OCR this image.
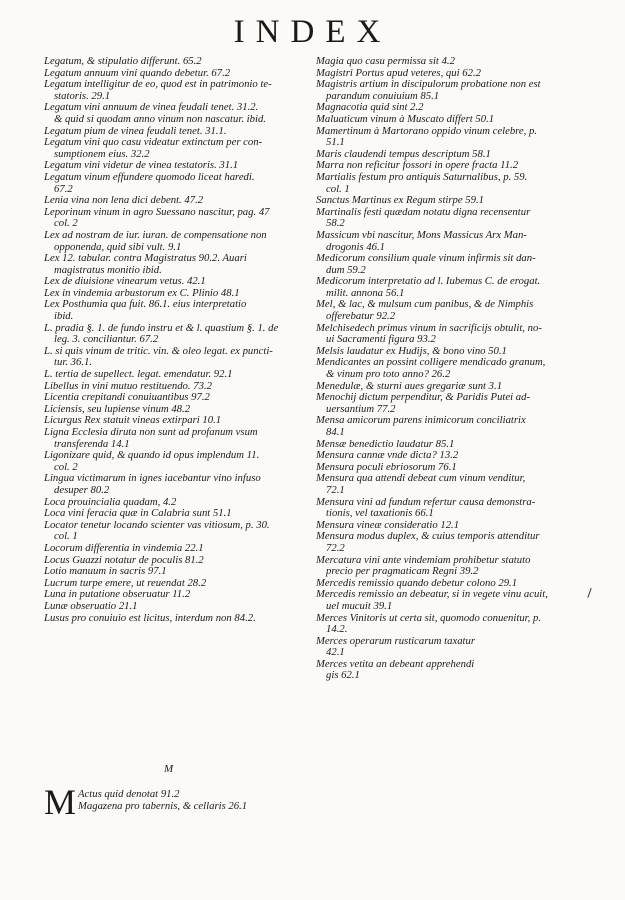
INDEX
Legatum, & stipulatio differunt. 65.2
Legatum annuum vini quando debetur. 67.2
Legatum intelligitur de eo, quod est in patrimonio te-
statoris. 29.1
Legatum vini annuum de vinea feudali tenet. 31.2.
& quid si quodam anno vinum non nascatur. ibid.
Legatum pium de vinea feudali tenet. 31.1.
Legatum vini quo casu videatur extinctum per con-
sumptionem eius. 32.2
Legatum vini videtur de vinea testatoris. 31.1
Legatum vinum effundere quomodo liceat haredi.
67.2
Lenia vina non lena dici debent. 47.2
Leporinum vinum in agro Suessano nascitur, pag. 47
col. 2
Lex ad nostram de iur. iuran. de compensatione non
opponenda, quid sibi vult. 9.1
Lex 12. tabular. contra Magistratus 90.2. Auari
magistratus monitio ibid.
Lex de diuisione vinearum vetus. 42.1
Lex in vindemia arbustorum ex C. Plinio 48.1
Lex Posthumia qua fuit. 86.1. eius interpretatio
ibid.
L. pradia §. 1. de fundo instru et & l. quastium §. 1. de
leg. 3. conciliantur. 67.2
L. si quis vinum de tritic. vin. & oleo legat. ex puncti-
tur. 36.1.
L. tertia de supellect. legat. emendatur. 92.1
Libellus in vini mutuo restituendo. 73.2
Licentia crepitandi conuiuantibus 97.2
Liciensis, seu lupiense vinum 48.2
Licurgus Rex statuit vineas extirpari 10.1
Ligna Ecclesia diruta non sunt ad profanum vsum
transferenda 14.1
Ligonizare quid, & quando id opus implendum 11.
col. 2
Lingua victimarum in ignes iacebantur vino infuso
desuper 80.2
Loca prouincialia quadam, 4.2
Loca vini feracia quæ in Calabria sunt 51.1
Locator tenetur locando scienter vas vitiosum, p. 30.
col. 1
Locorum differentia in vindemia 22.1
Locus Guazzi notatur de poculis 81.2
Lotio manuum in sacris 97.1
Lucrum turpe emere, ut reuendat 28.2
Luna in putatione obseruatur 11.2
Lunæ obseruatio 21.1
Lusus pro conuiuio est licitus, interdum non 84.2.
Magia quo casu permissa sit 4.2
Magistri Portus apud veteres, qui 62.2
Magistris artium in discipulorum probatione non est
parandum conuiuium 85.1
Magnacotia quid sint 2.2
Maluaticum vinum à Muscato differt 50.1
Mamertinum à Martorano oppido vinum celebre, p.
51.1
Maris claudendi tempus descriptum 58.1
Marra non reficitur fossori in opere fracta 11.2
Martialis festum pro antiquis Saturnalibus, p. 59.
col. 1
Sanctus Martinus ex Regum stirpe 59.1
Martinalis festi quædam notatu digna recensentur
58.2
Massicum vbi nascitur, Mons Massicus Arx Man-
drogonis 46.1
Medicorum consilium quale vinum infirmis sit dan-
dum 59.2
Medicorum interpretatio ad l. Iubemus C. de erogat.
milit. annona 56.1
Mel, & lac, & mulsum cum panibus, & de Nimphis
offerebatur 92.2
Melchisedech primus vinum in sacrificijs obtulit, no-
ui Sacramenti figura 93.2
Melsis laudatur ex Hudijs, & bono vino 50.1
Mendicantes an possint colligere mendicado granum,
& vinum pro toto anno? 26.2
Menedulæ, & sturni aues gregariæ sunt 3.1
Menochij dictum perpenditur, & Paridis Putei ad-
uersantium 77.2
Mensa amicorum parens inimicorum conciliatrix
84.1
Mensæ benedictio laudatur 85.1
Mensura cannæ vnde dicta? 13.2
Mensura poculi ebriosorum 76.1
Mensura qua attendi debeat cum vinum venditur,
72.1
Mensura vini ad fundum refertur causa demonstra-
tionis, vel taxationis 66.1
Mensura vineæ consideratio 12.1
Mensura modus duplex, & cuius temporis attenditur
72.2
Mercatura vini ante vindemiam prohibetur statuto
precio per pragmaticam Regni 39.2
Mercedis remissio quando debetur colono 29.1
Mercedis remissio an debeatur, si in vegete vinu acuit,
uel mucuit 39.1
Merces Vinitoris ut certa sit, quomodo conuenitur, p.
14.2.
Merces operarum rusticarum taxatur
42.1
Merces vetita an debeant apprehendi
gis 62.1
M
M Actus quid denotat 91.2
Magazena pro tabernis, & cellaris 26.1
